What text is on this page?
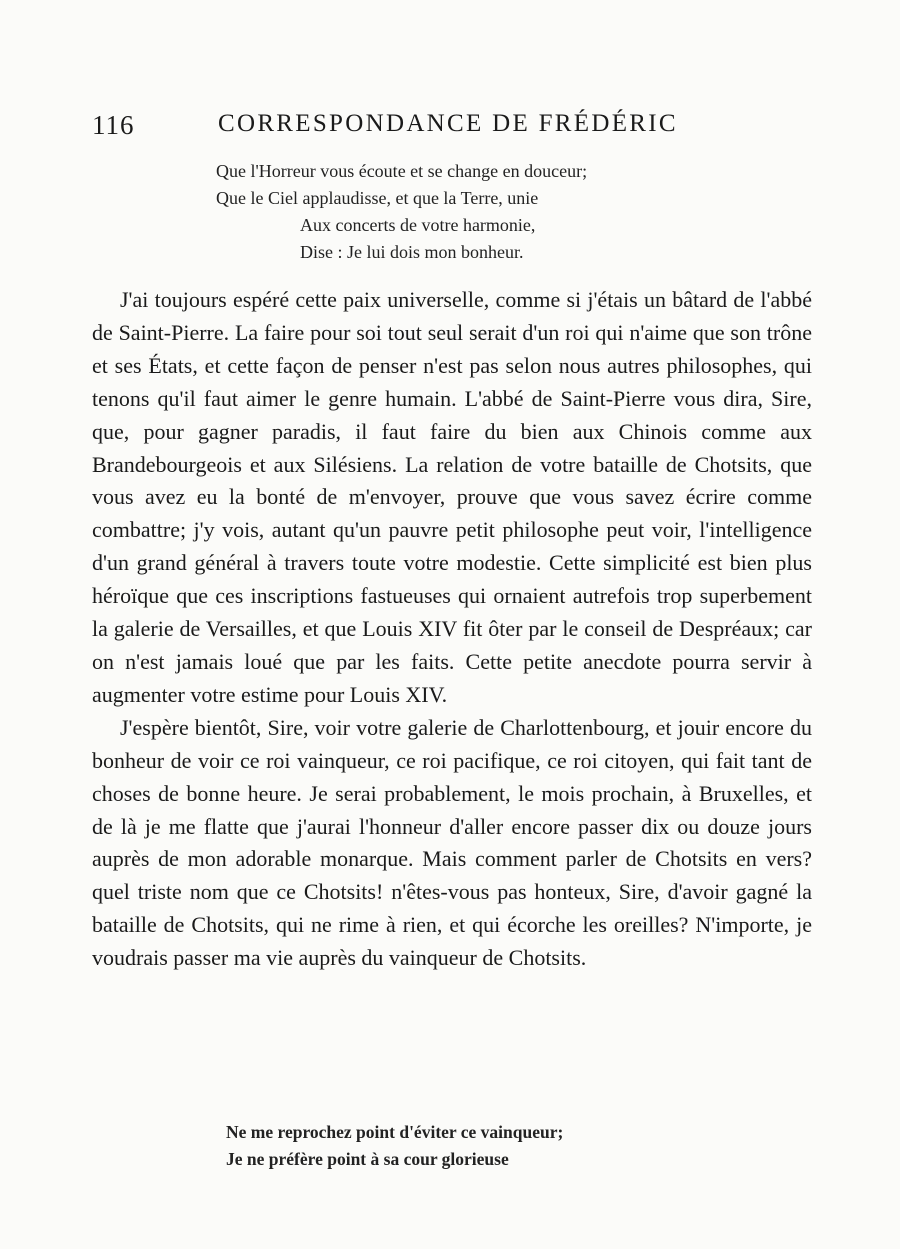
116	CORRESPONDANCE DE FRÉDÉRIC
Que l'Horreur vous écoute et se change en douceur;
Que le Ciel applaudisse, et que la Terre, unie
Aux concerts de votre harmonie,
Dise : Je lui dois mon bonheur.

J'ai toujours espéré cette paix universelle, comme si j'étais un bâtard de l'abbé de Saint-Pierre. La faire pour soi tout seul serait d'un roi qui n'aime que son trône et ses États, et cette façon de penser n'est pas selon nous autres philosophes, qui tenons qu'il faut aimer le genre humain. L'abbé de Saint-Pierre vous dira, Sire, que, pour gagner paradis, il faut faire du bien aux Chinois comme aux Brandebourgeois et aux Silésiens. La relation de votre bataille de Chotsits, que vous avez eu la bonté de m'envoyer, prouve que vous savez écrire comme combattre; j'y vois, autant qu'un pauvre petit philosophe peut voir, l'intelligence d'un grand général à travers toute votre modestie. Cette simplicité est bien plus héroïque que ces inscriptions fastueuses qui ornaient autrefois trop superbement la galerie de Versailles, et que Louis XIV fit ôter par le conseil de Despréaux; car on n'est jamais loué que par les faits. Cette petite anecdote pourra servir à augmenter votre estime pour Louis XIV.

J'espère bientôt, Sire, voir votre galerie de Charlottenbourg, et jouir encore du bonheur de voir ce roi vainqueur, ce roi pacifique, ce roi citoyen, qui fait tant de choses de bonne heure. Je serai probablement, le mois prochain, à Bruxelles, et de là je me flatte que j'aurai l'honneur d'aller encore passer dix ou douze jours auprès de mon adorable monarque. Mais comment parler de Chotsits en vers? quel triste nom que ce Chotsits! n'êtes-vous pas honteux, Sire, d'avoir gagné la bataille de Chotsits, qui ne rime à rien, et qui écorche les oreilles? N'importe, je voudrais passer ma vie auprès du vainqueur de Chotsits.

Ne me reprochez point d'éviter ce vainqueur;
Je ne préfère point à sa cour glorieuse
